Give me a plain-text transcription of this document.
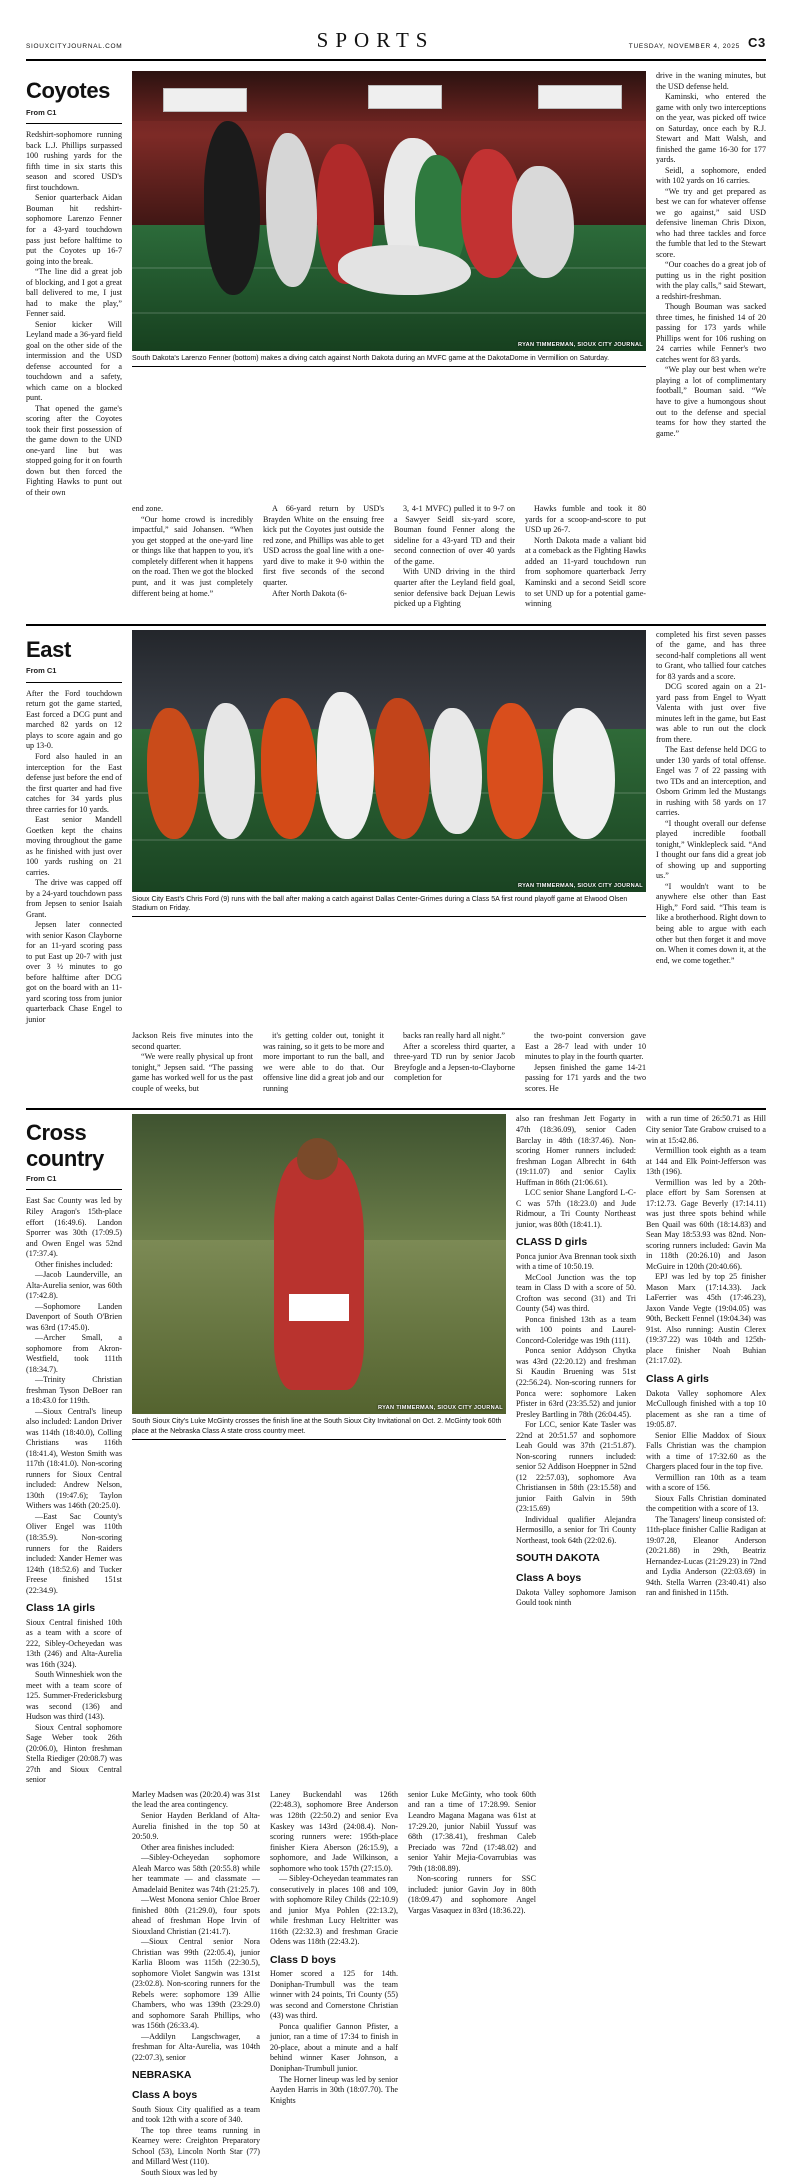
SIOUXCITYJOURNAL.COM	SPORTS	TUESDAY, NOVEMBER 4, 2025 C3
Coyotes
From C1

Redshirt-sophomore running back L.J. Phillips surpassed 100 rushing yards for the fifth time in six starts this season and scored USD's first touchdown.

Senior quarterback Aidan Bouman hit redshirt-sophomore Larenzo Fenner for a 43-yard touchdown pass just before halftime to put the Coyotes up 16-7 going into the break.

“The line did a great job of blocking, and I got a great ball delivered to me, I just had to make the play,” Fenner said.

Senior kicker Will Leyland made a 36-yard field goal on the other side of the intermission and the USD defense accounted for a touchdown and a safety, which came on a blocked punt.

That opened the game's scoring after the Coyotes took their first possession of the game down to the UND one-yard line but was stopped going for it on fourth down but then forced the Fighting Hawks to punt out of their own

RYAN TIMMERMAN, SIOUX CITY JOURNAL
South Dakota's Larenzo Fenner (bottom) makes a diving catch against North Dakota during an MVFC game at the DakotaDome in Vermillion on Saturday.

drive in the waning minutes, but the USD defense held.

Kaminski, who entered the game with only two interceptions on the year, was picked off twice on Saturday, once each by R.J. Stewart and Matt Walsh, and finished the game 16-30 for 177 yards.

Seidl, a sophomore, ended with 102 yards on 16 carries.

“We try and get prepared as best we can for whatever offense we go against,” said USD defensive lineman Chris Dixon, who had three tackles and force the fumble that led to the Stewart score.

“Our coaches do a great job of putting us in the right position with the play calls,” said Stewart, a redshirt-freshman.

Though Bouman was sacked three times, he finished 14 of 20 passing for 173 yards while Phillips went for 106 rushing on 24 carries while Fenner's two catches went for 83 yards.

“We play our best when we're playing a lot of complimentary football,” Bouman said. “We have to give a humongous shout out to the defense and special teams for how they started the game.”

end zone.

“Our home crowd is incredibly impactful,” said Johansen. “When you get stopped at the one-yard line or things like that happen to you, it's completely different when it happens on the road. Then we got the blocked punt, and it was just completely different being at home.”

A 66-yard return by USD's Brayden White on the ensuing free kick put the Coyotes just outside the red zone, and Phillips was able to get USD across the goal line with a one-yard dive to make it 9-0 within the first five seconds of the second quarter.

After North Dakota (6-

3, 4-1 MVFC) pulled it to 9-7 on a Sawyer Seidl six-yard score, Bouman found Fenner along the sideline for a 43-yard TD and their second connection of over 40 yards of the game.

With UND driving in the third quarter after the Leyland field goal, senior defensive back Dejuan Lewis picked up a Fighting

Hawks fumble and took it 80 yards for a scoop-and-score to put USD up 26-7.

North Dakota made a valiant bid at a comeback as the Fighting Hawks added an 11-yard touchdown run from sophomore quarterback Jerry Kaminski and a second Seidl score to set UND up for a potential game-winning

East
From C1

After the Ford touchdown return got the game started, East forced a DCG punt and marched 82 yards on 12 plays to score again and go up 13-0.

Ford also hauled in an interception for the East defense just before the end of the first quarter and had five catches for 34 yards plus three carries for 10 yards.

East senior Mandell Goetken kept the chains moving throughout the game as he finished with just over 100 yards rushing on 21 carries.

The drive was capped off by a 24-yard touchdown pass from Jepsen to senior Isaiah Grant.

Jepsen later connected with senior Kason Clayborne for an 11-yard scoring pass to put East up 20-7 with just over 3 ½ minutes to go before halftime after DCG got on the board with an 11-yard scoring toss from junior quarterback Chase Engel to junior

RYAN TIMMERMAN, SIOUX CITY JOURNAL
Sioux City East's Chris Ford (9) runs with the ball after making a catch against Dallas Center-Grimes during a Class 5A first round playoff game at Elwood Olsen Stadium on Friday.

completed his first seven passes of the game, and has three second-half completions all went to Grant, who tallied four catches for 83 yards and a score.

DCG scored again on a 21-yard pass from Engel to Wyatt Valenta with just over five minutes left in the game, but East was able to run out the clock from there.

The East defense held DCG to under 130 yards of total offense. Engel was 7 of 22 passing with two TDs and an interception, and Osborn Grimm led the Mustangs in rushing with 58 yards on 17 carries.

“I thought overall our defense played incredible football tonight,” Winklepleck said. “And I thought our fans did a great job of showing up and supporting us.”

“I wouldn't want to be anywhere else other than East High,” Ford said. “This team is like a brotherhood. Right down to being able to argue with each other but then forget it and move on. When it comes down it, at the end, we come together.”

Jackson Reis five minutes into the second quarter.

“We were really physical up front tonight,” Jepsen said. “The passing game has worked well for us the past couple of weeks, but

it's getting colder out, tonight it was raining, so it gets to be more and more important to run the ball, and we were able to do that. Our offensive line did a great job and our running

backs ran really hard all night.”

After a scoreless third quarter, a three-yard TD run by senior Jacob Breyfogle and a Jepsen-to-Clayborne completion for

the two-point conversion gave East a 28-7 lead with under 10 minutes to play in the fourth quarter.

Jepsen finished the game 14-21 passing for 171 yards and the two scores. He

Cross country
From C1

East Sac County was led by Riley Aragon's 15th-place effort (16:49.6). Landon Sporrer was 30th (17:09.5) and Owen Engel was 52nd (17:37.4).

Other finishes included:

—Jacob Launderville, an Alta-Aurelia senior, was 60th (17:42.8).

—Sophomore Landen Davenport of South O'Brien was 63rd (17:45.0).

—Archer Small, a sophomore from Akron-Westfield, took 111th (18:34.7).

—Trinity Christian freshman Tyson DeBoer ran a 18:43.0 for 119th.

—Sioux Central's lineup also included: Landon Driver was 114th (18:40.0), Colling Christians was 116th (18:41.4), Weston Smith was 117th (18:41.0). Non-scoring runners for Sioux Central included: Andrew Nelson, 130th (19:47.6); Taylon Withers was 146th (20:25.0).

—East Sac County's Oliver Engel was 110th (18:35.9). Non-scoring runners for the Raiders included: Xander Hemer was 124th (18:52.6) and Tucker Freese finished 151st (22:34.9).

Class 1A girls

Sioux Central finished 10th as a team with a score of 222, Sibley-Ocheyedan was 13th (246) and Alta-Aurelia was 16th (324).

South Winneshiek won the meet with a team score of 125. Summer-Fredericksburg was second (136) and Hudson was third (143).

Sioux Central sophomore Sage Weber took 26th (20:06.0), Hinton freshman Stella Riediger (20:08.7) was 27th and Sioux Central senior

RYAN TIMMERMAN, SIOUX CITY JOURNAL
South Sioux City's Luke McGinty crosses the finish line at the South Sioux City Invitational on Oct. 2. McGinty took 60th place at the Nebraska Class A state cross country meet.

also ran freshman Jett Fogarty in 47th (18:36.09), senior Caden Barclay in 48th (18:37.46). Non-scoring Homer runners included: freshman Logan Albrecht in 64th (19:11.07) and senior Caylix Huffman in 86th (21:06.61).

LCC senior Shane Langford L-C-C was 57th (18:23.0) and Jude Ridmour, a Tri County Northeast junior, was 80th (18:41.1).

CLASS D girls

Ponca junior Ava Brennan took sixth with a time of 10:50.19.

McCool Junction was the top team in Class D with a score of 50. Crofton was second (31) and Tri County (54) was third.

Ponca finished 13th as a team with 100 points and Laurel-Concord-Coleridge was 19th (111).

Ponca senior Addyson Chytka was 43rd (22:20.12) and freshman Si Kaudin Bruening was 51st (22:56.24). Non-scoring runners for Ponca were: sophomore Laken Pfister in 63rd (23:35.52) and junior Presley Bartling in 78th (26:04.45).

For LCC, senior Kate Tasler was 22nd at 20:51.57 and sophomore Leah Gould was 37th (21:51.87). Non-scoring runners included: senior 52 Addison Hoeppner in 52nd (12 22:57.03), sophomore Ava Christiansen in 58th (23:15.58) and junior Faith Galvin in 59th (23:15.69)

Individual qualifier Alejandra Hermosillo, a senior for Tri County Northeast, took 64th (22:02.6).

SOUTH DAKOTA
Class A boys

Dakota Valley sophomore Jamison Gould took ninth

with a run time of 26:50.71 as Hill City senior Tate Grabow cruised to a win at 15:42.86.

Vermillion took eighth as a team at 144 and Elk Point-Jefferson was 13th (196).

Vermillion was led by a 20th-place effort by Sam Sorensen at 17:12.73. Gage Beverly (17:14.11) was just three spots behind while Ben Quail was 60th (18:14.83) and Sean May 18:53.93 was 82nd. Non-scoring runners included: Gavin Ma in 118th (20:26.10) and Jason McGuire in 120th (20:40.66).

EPJ was led by top 25 finisher Mason Marx (17:14.33). Jack LaFerrier was 45th (17:46.23), Jaxon Vande Vegte (19:04.05) was 90th, Beckett Fennel (19:04.34) was 91st. Also running: Austin Clerex (19:37.22) was 104th and 125th-place finisher Noah Buhian (21:17.02).

Class A girls

Dakota Valley sophomore Alex McCullough finished with a top 10 placement as she ran a time of 19:05.87.

Senior Ellie Maddox of Sioux Falls Christian was the champion with a time of 17:32.60 as the Chargers placed four in the top five.

Vermillion ran 10th as a team with a score of 156.

Sioux Falls Christian dominated the competition with a score of 13.

The Tanagers' lineup consisted of: 11th-place finisher Callie Radigan at 19:07.28, Eleanor Anderson (20:21.88) in 29th, Beatriz Hernandez-Lucas (21:29.23) in 72nd and Lydia Anderson (22:03.69) in 94th. Stella Warren (23:40.41) also ran and finished in 115th.

Marley Madsen was (20:20.4) was 31st the lead the area contingency.

Senior Hayden Berkland of Alta-Aurelia finished in the top 50 at 20:50.9.

Other area finishes included:

—Sibley-Ocheyedan sophomore Aleah Marco was 58th (20:55.8) while her teammate — and classmate — Amadelaid Benitez was 74th (21:25.7).

—West Monona senior Chloe Broer finished 80th (21:29.0), four spots ahead of freshman Hope Irvin of Siouxland Christian (21:41.7).

—Sioux Central senior Nora Christian was 99th (22:05.4), junior Karlia Bloom was 115th (22:30.5), sophomore Violet Sangwin was 131st (23:02.8). Non-scoring runners for the Rebels were: sophomore 139 Allie Chambers, who was 139th (23:29.0) and sophomore Sarah Phillips, who was 156th (26:33.4).

—Addilyn Langschwager, a freshman for Alta-Aurelia, was 104th (22:07.3), senior

NEBRASKA
Class A boys

South Sioux City qualified as a team and took 12th with a score of 340.

The top three teams running in Kearney were: Creighton Preparatory School (53), Lincoln North Star (77) and Millard West (110).

South Sioux was led by

Laney Buckendahl was 126th (22:48.3), sophomore Bree Anderson was 128th (22:50.2) and senior Eva Kaskey was 143rd (24:08.4). Non-scoring runners were: 195th-place finisher Kiera Aberson (26:15.9), a sophomore, and Jade Wilkinson, a sophomore who took 157th (27:15.0).

— Sibley-Ocheyedan teammates ran consecutively in places 108 and 109, with sophomore Riley Childs (22:10.9) and junior Mya Pohlen (22:13.2), while freshman Lucy Heltritter was 116th (22:32.3) and freshman Gracie Odens was 118th (22:43.2).

Class D boys

Homer scored a 125 for 14th. Doniphan-Trumbull was the team winner with 24 points, Tri County (55) was second and Cornerstone Christian (43) was third.

Ponca qualifier Gannon Pfister, a junior, ran a time of 17:34 to finish in 20-place, about a minute and a half behind winner Kaser Johnson, a Doniphan-Trumbull junior.

The Horner lineup was led by senior Aayden Harris in 30th (18:07.70). The Knights

senior Luke McGinty, who took 60th and ran a time of 17:28.99. Senior Leandro Magana Magana was 61st at 17:29.20, junior Nabiil Yussuf was 68th (17:38.41), freshman Caleb Preciado was 72nd (17:48.02) and senior Yahir Mejia-Covarrubias was 79th (18:08.89).

Non-scoring runners for SSC included: junior Gavin Joy in 80th (18:09.47) and sophomore Angel Vargas Vasaquez in 83rd (18:36.22).
